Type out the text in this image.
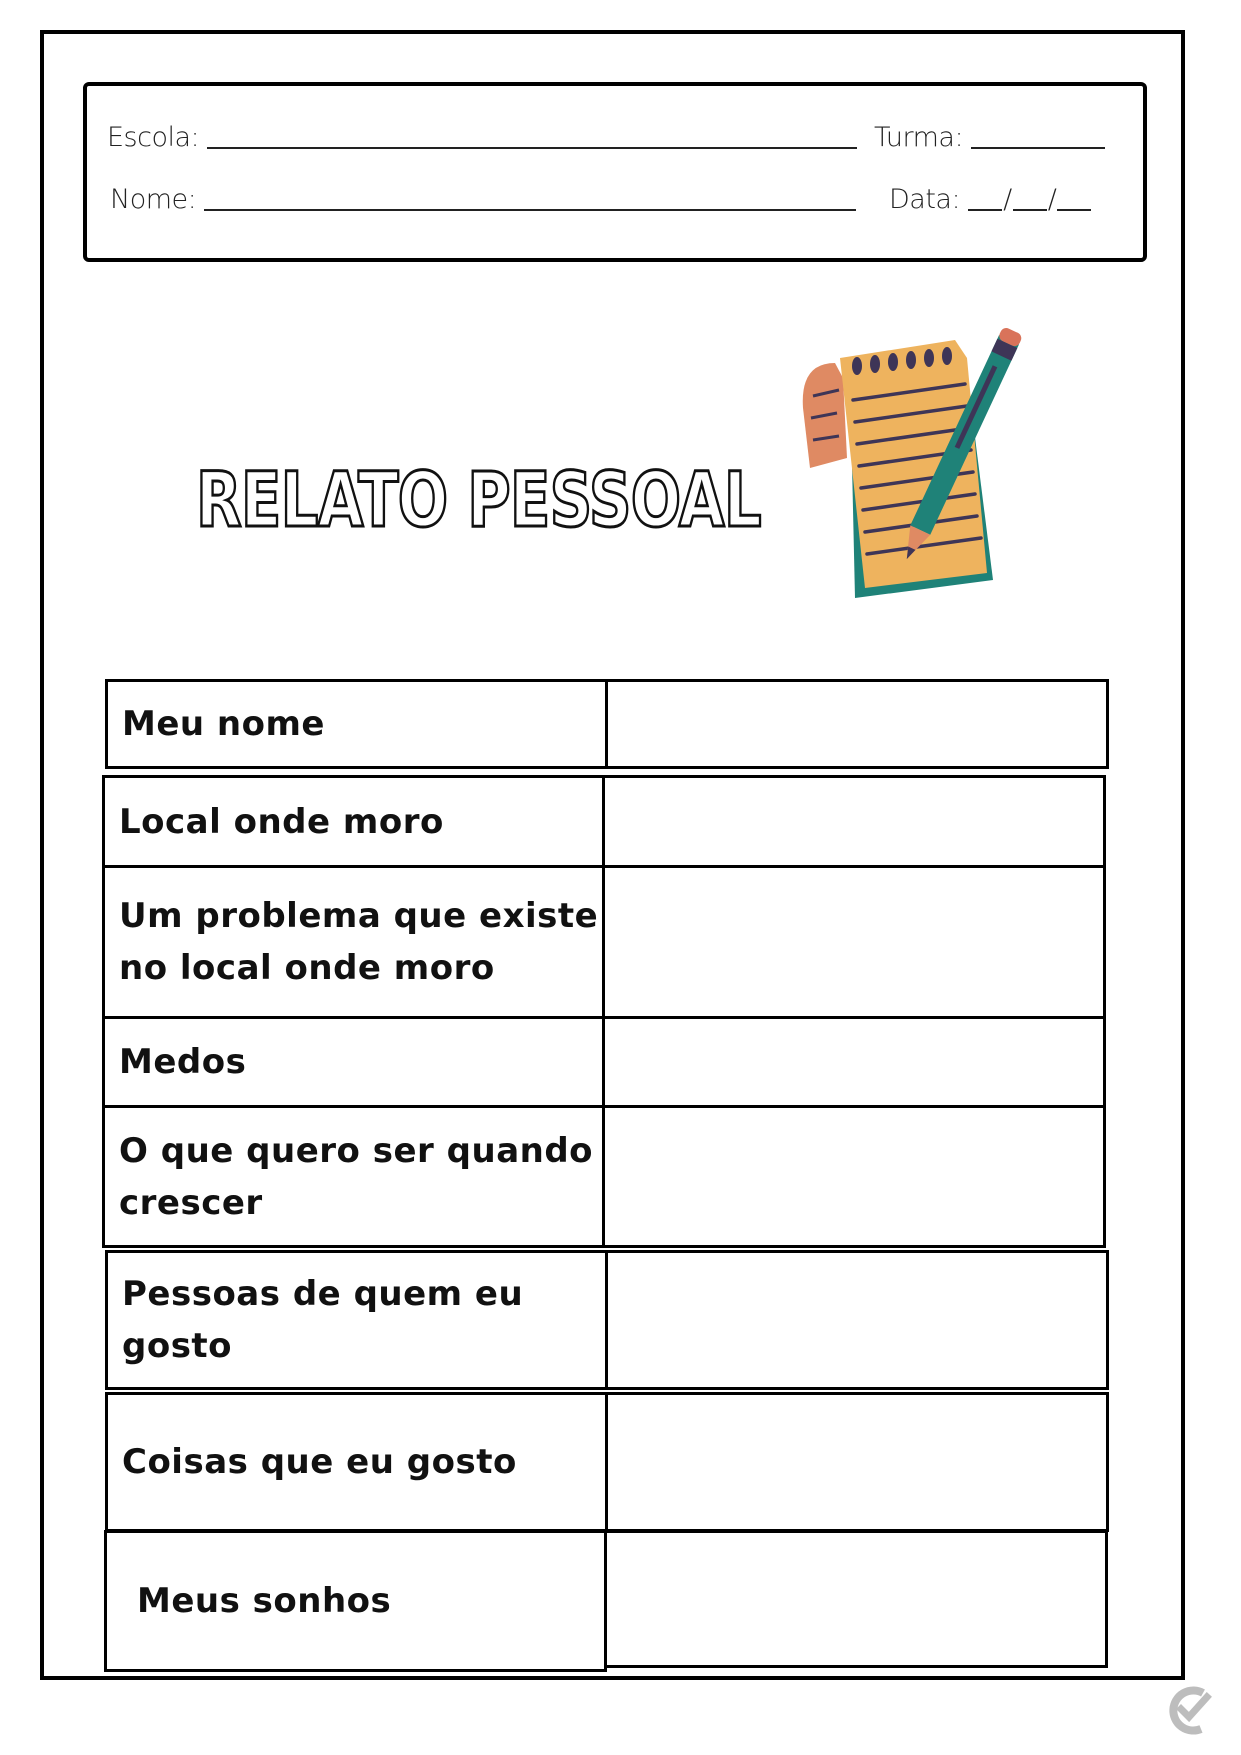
Escola:	Turma:
Nome:	Data: / /
RELATO PESSOAL
Meu nome
Local onde moro
Um problema que existe no local onde moro
Medos
O que quero ser quando crescer
Pessoas de quem eu gosto
Coisas que eu gosto
Meus sonhos
